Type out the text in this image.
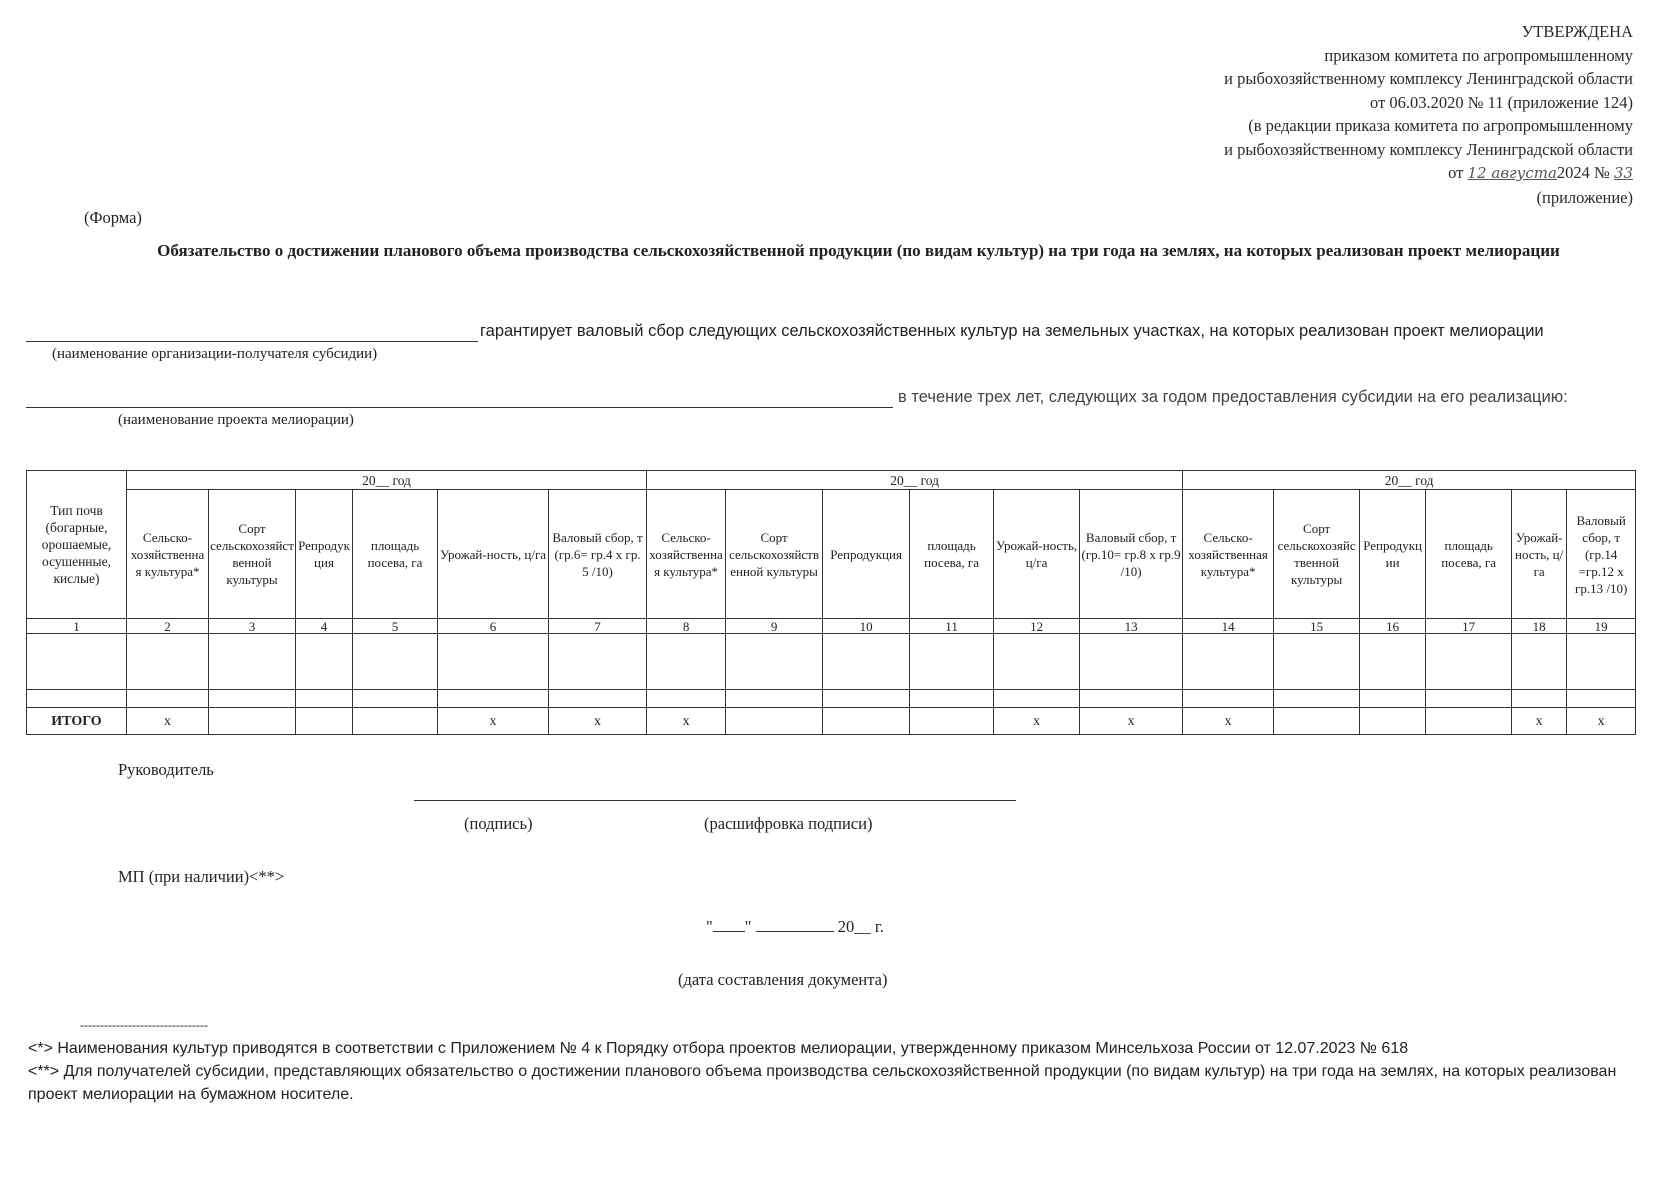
УТВЕРЖДЕНА
приказом комитета по агропромышленному
и рыбохозяйственному комплексу Ленинградской области
от 06.03.2020 № 11 (приложение 124)
(в редакции приказа комитета по агропромышленному
и рыбохозяйственному комплексу Ленинградской области
от 12 августа2024 № 33
(приложение)
(Форма)
Обязательство о достижении планового объема производства сельскохозяйственной продукции (по видам культур) на три года на землях, на которых реализован проект мелиорации
гарантирует валовый сбор следующих сельскохозяйственных культур на земельных участках, на которых реализован проект мелиорации
(наименование организации-получателя субсидии)
в течение трех лет, следующих за годом предоставления субсидии на его реализацию:
(наименование проекта мелиорации)
Тип почв (богарные, орошаемые, осушенные, кислые)	20__ год						20__ год						20__ год					
	Сельско-хозяйственная культура*	Сорт сельскохозяйственной культуры	Репродукция	площадь посева, га	Урожай-ность, ц/га	Валовый сбор, т (гр.6= гр.4 х гр. 5 /10)	Сельско-хозяйственная культура*	Сорт сельскохозяйственной культуры	Репродукция	площадь посева, га	Урожай-ность, ц/га	Валовый сбор, т (гр.10= гр.8 х гр.9 /10)	Сельско-хозяйственная культура*	Сорт сельскохозяйственной культуры	Репродукции	площадь посева, га	Урожай-ность, ц/га	Валовый сбор, т (гр.14 =гр.12 х гр.13 /10)
1	2	3	4	5	6	7	8	9	10	11	12	13	14	15	16	17	18	19

ИТОГО	х				х	х	х				х	х	х				х	х
Руководитель
(подпись)	(расшифровка подписи)
МП (при наличии)<**>
" "	20__ г.
(дата составления документа)
--------------------------------
<*> Наименования культур приводятся в соответствии с Приложением № 4 к Порядку отбора проектов мелиорации, утвержденному приказом Минсельхоза России от 12.07.2023 № 618
<**> Для получателей субсидии, представляющих обязательство о достижении планового объема производства сельскохозяйственной продукции (по видам культур) на три года на землях, на которых реализован проект мелиорации на бумажном носителе.
